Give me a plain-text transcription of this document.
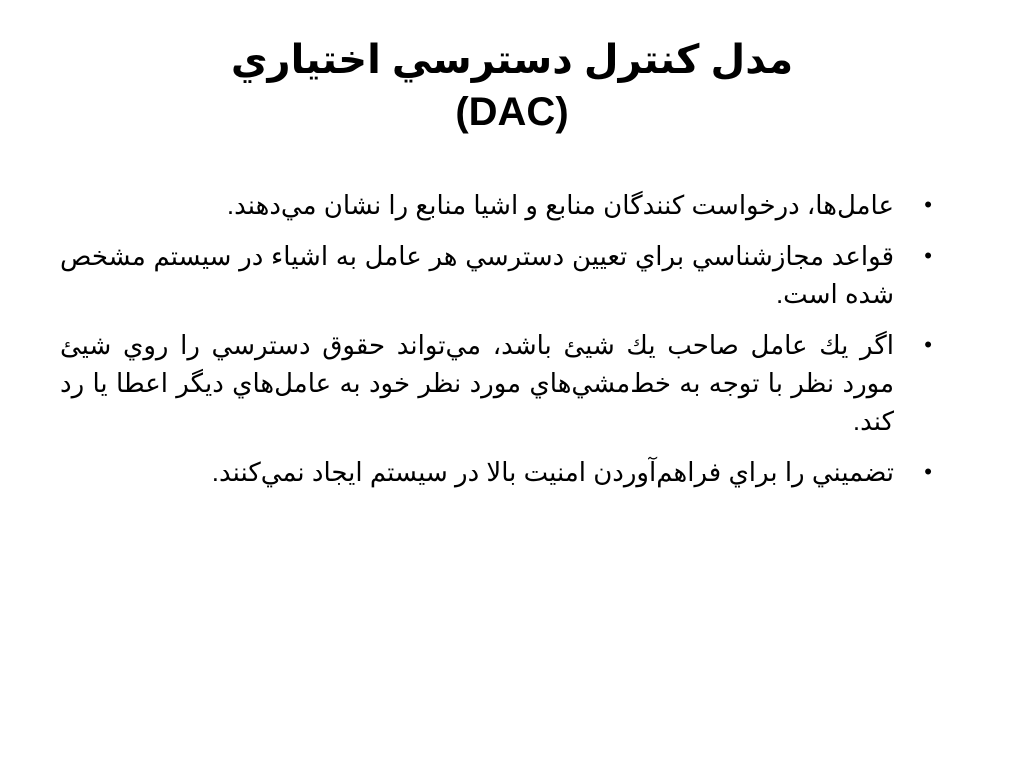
مدل كنترل دسترسي اختياري
(DAC)
•
عامل‌ها، درخواست كنندگان منابع و اشيا منابع را نشان مي‌دهند.
•
قواعد مجازشناسي براي تعيين دسترسي هر عامل به اشياء در سيستم مشخص شده است.
•
اگر يك عامل صاحب يك شيئ باشد، مي‌تواند حقوق دسترسي را روي شيئ مورد نظر با توجه به خط‌مشي‌هاي مورد نظر خود به عامل‌هاي ديگر اعطا يا رد كند.
•
تضميني را براي فراهم‌آوردن امنيت بالا در سيستم ايجاد نمي‌كنند.
